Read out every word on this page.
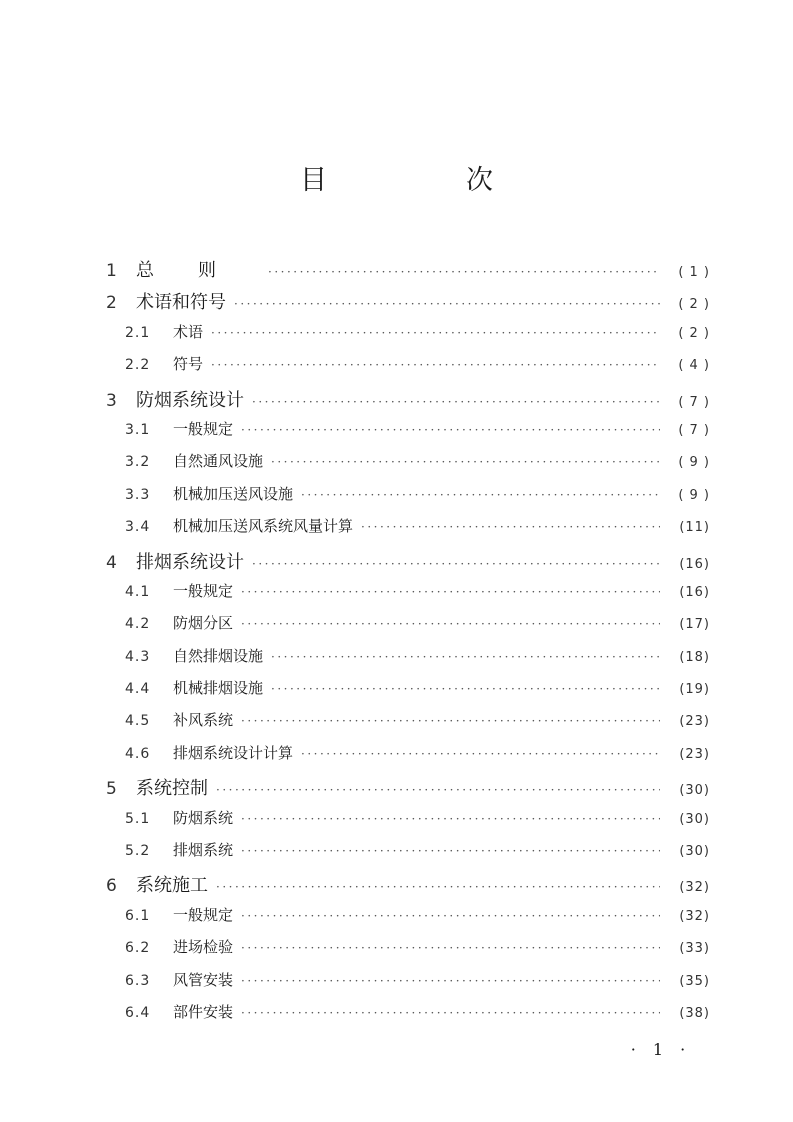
目　次
1	总则 ·····	( 1 )
2	术语和符号 ·····	( 2 )
2.1	术语 ·····	( 2 )
2.2	符号 ·····	( 4 )
3	防烟系统设计 ·····	( 7 )
3.1	一般规定 ·····	( 7 )
3.2	自然通风设施 ·····	( 9 )
3.3	机械加压送风设施 ·····	( 9 )
3.4	机械加压送风系统风量计算 ·····	(11)
4	排烟系统设计 ·····	(16)
4.1	一般规定 ·····	(16)
4.2	防烟分区 ·····	(17)
4.3	自然排烟设施 ·····	(18)
4.4	机械排烟设施 ·····	(19)
4.5	补风系统 ·····	(23)
4.6	排烟系统设计计算 ·····	(23)
5	系统控制 ·····	(30)
5.1	防烟系统 ·····	(30)
5.2	排烟系统 ·····	(30)
6	系统施工 ·····	(32)
6.1	一般规定 ·····	(32)
6.2	进场检验 ·····	(33)
6.3	风管安装 ·····	(35)
6.4	部件安装 ·····	(38)
· 1 ·
